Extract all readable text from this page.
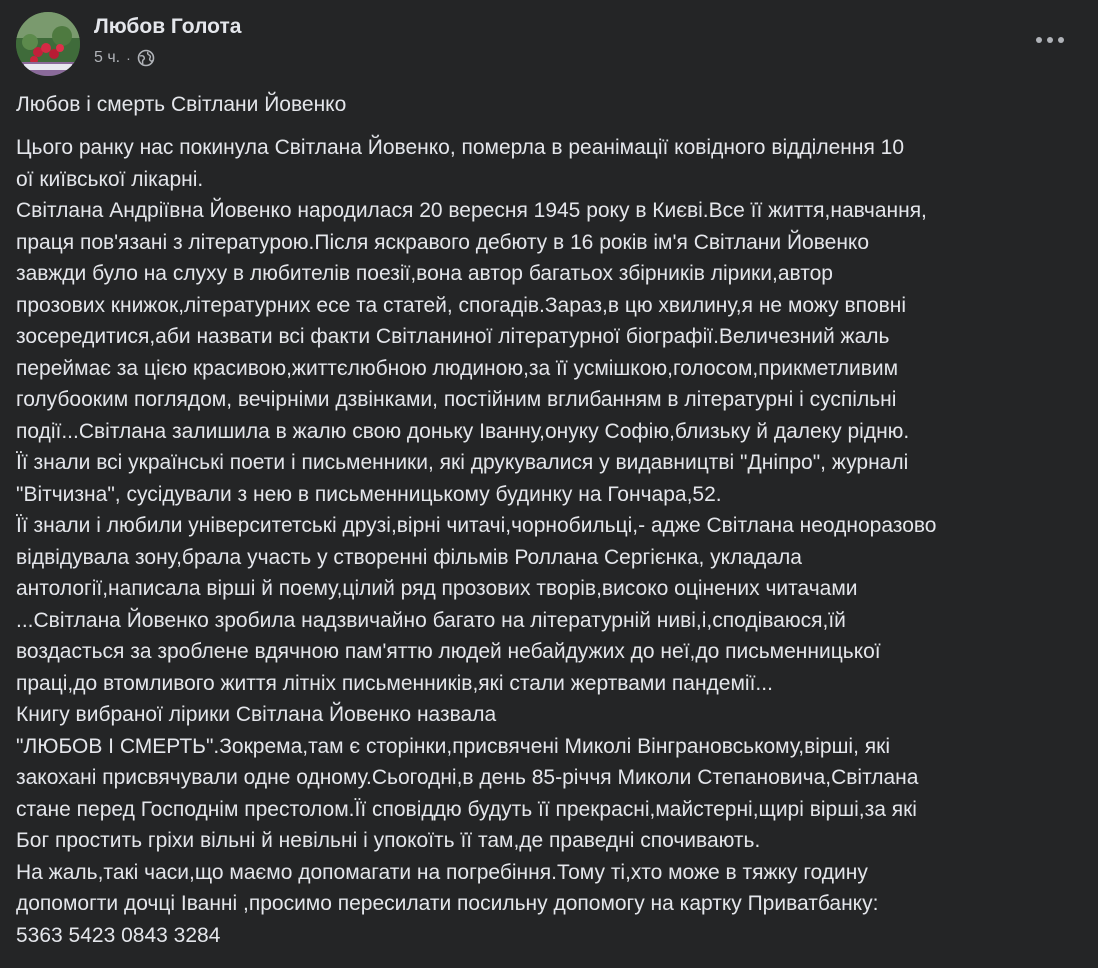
Любов Голота
5 ч. ·
Любов і смерть Світлани Йовенко
Цього ранку нас покинула Світлана Йовенко, померла в реанімації ковідного відділення 10
ої київської лікарні.
Світлана Андріївна Йовенко народилася 20 вересня 1945 року в Києві.Все її життя,навчання,
праця пов'язані з літературою.Після яскравого дебюту в 16 років ім'я Світлани Йовенко
завжди було на слуху в любителів поезії,вона автор багатьох збірників лірики,автор
прозових книжок,літературних есе та статей, спогадів.Зараз,в цю хвилину,я не можу вповні
зосередитися,аби назвати всі факти Світланиної літературної біографії.Величезний жаль
переймає за цією красивою,життєлюбною людиною,за її усмішкою,голосом,прикметливим
голубооким поглядом, вечірніми дзвінками, постійним вглибанням в літературні і суспільні
події...Світлана залишила в жалю свою доньку Іванну,онуку Софію,близьку й далеку рідню.
Її знали всі українські поети і письменники, які друкувалися у видавництві "Дніпро", журналі
"Вітчизна", сусідували з нею в письменницькому будинку на Гончара,52.
Її знали і любили університетські друзі,вірні читачі,чорнобильці,- адже Світлана неодноразово
відвідувала зону,брала участь у створенні фільмів Роллана Сергієнка, укладала
антології,написала вірші й поему,цілий ряд прозових творів,високо оцінених читачами
...Світлана Йовенко зробила надзвичайно багато на літературній ниві,і,сподіваюся,їй
воздасться за зроблене вдячною пам'яттю людей небайдужих до неї,до письменницької
праці,до втомливого життя літніх письменників,які стали жертвами пандемії...
Книгу вибраної лірики Світлана Йовенко назвала
"ЛЮБОВ І СМЕРТЬ".Зокрема,там є сторінки,присвячені Миколі Вінграновському,вірші, які
закохані присвячували одне одному.Сьогодні,в день 85-річчя Миколи Степановича,Світлана
стане перед Господнім престолом.Її сповіддю будуть її прекрасні,майстерні,щирі вірші,за які
Бог простить гріхи вільні й невільні і упокоїть її там,де праведні спочивають.
На жаль,такі часи,що маємо допомагати на погребіння.Тому ті,хто може в тяжку годину
допомогти дочці Іванні ,просимо пересилати посильну допомогу на картку Приватбанку:
5363 5423 0843 3284
